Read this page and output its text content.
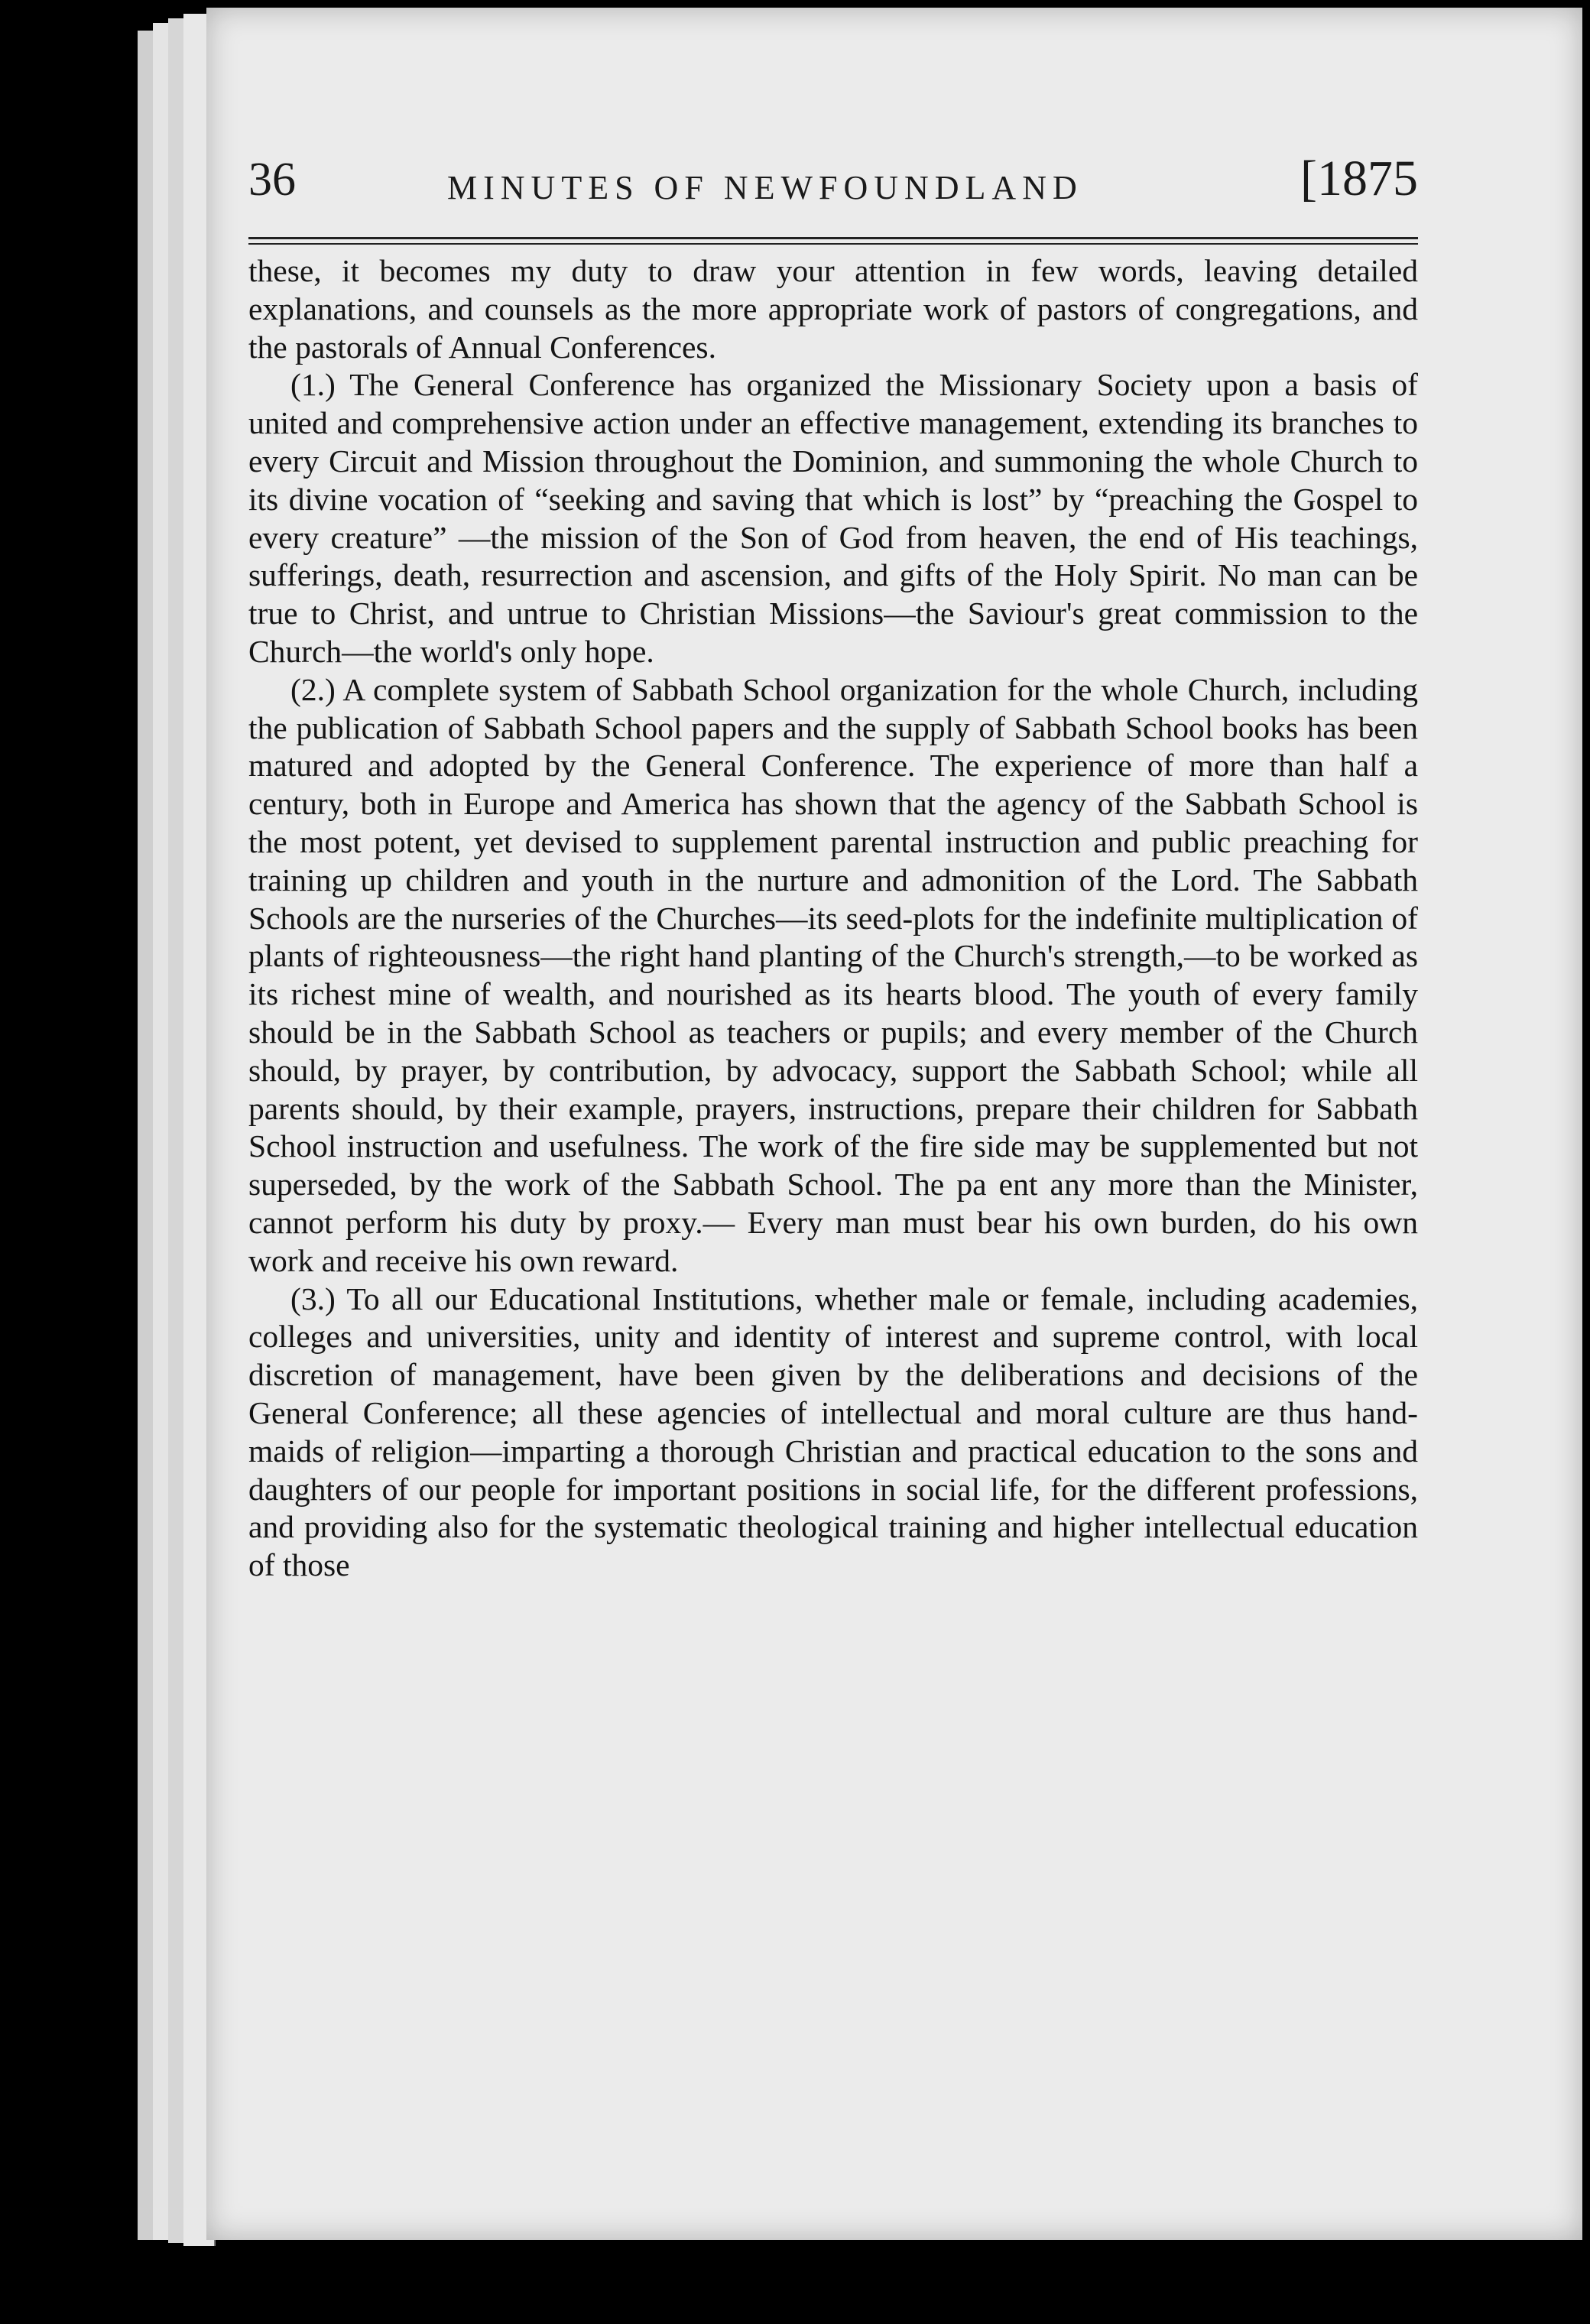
36	MINUTES OF NEWFOUNDLAND	[1875

these, it becomes my duty to draw your attention in few words, leaving detailed explanations, and counsels as the more appropriate work of pastors of congregations, and the pastorals of Annual Conferences.

(1.) The General Conference has organized the Missionary Society upon a basis of united and comprehensive action under an effective management, extending its branches to every Circuit and Mission throughout the Dominion, and summoning the whole Church to its divine vocation of “seeking and saving that which is lost” by “preaching the Gospel to every creature” —the mission of the Son of God from heaven, the end of His teachings, sufferings, death, resurrection and ascension, and gifts of the Holy Spirit. No man can be true to Christ, and untrue to Christian Missions—the Saviour's great commission to the Church—the world's only hope.

(2.) A complete system of Sabbath School organization for the whole Church, including the publication of Sabbath School papers and the supply of Sabbath School books has been matured and adopted by the General Conference. The experience of more than half a century, both in Europe and America has shown that the agency of the Sabbath School is the most potent, yet devised to supplement parental instruction and public preaching for training up children and youth in the nurture and admonition of the Lord. The Sabbath Schools are the nurseries of the Churches—its seed-plots for the indefinite multiplication of plants of righteousness—the right hand planting of the Church's strength,—to be worked as its richest mine of wealth, and nourished as its hearts blood. The youth of every family should be in the Sabbath School as teachers or pupils; and every member of the Church should, by prayer, by contribution, by advocacy, support the Sabbath School; while all parents should, by their example, prayers, instructions, prepare their children for Sabbath School instruction and usefulness. The work of the fire side may be supplemented but not superseded, by the work of the Sabbath School. The pa ent any more than the Minister, cannot perform his duty by proxy.— Every man must bear his own burden, do his own work and receive his own reward.

(3.) To all our Educational Institutions, whether male or female, including academies, colleges and universities, unity and identity of interest and supreme control, with local discretion of management, have been given by the deliberations and decisions of the General Conference; all these agencies of intellectual and moral culture are thus hand-maids of religion—imparting a thorough Christian and practical education to the sons and daughters of our people for important positions in social life, for the different professions, and providing also for the systematic theological training and higher intellectual education of those
